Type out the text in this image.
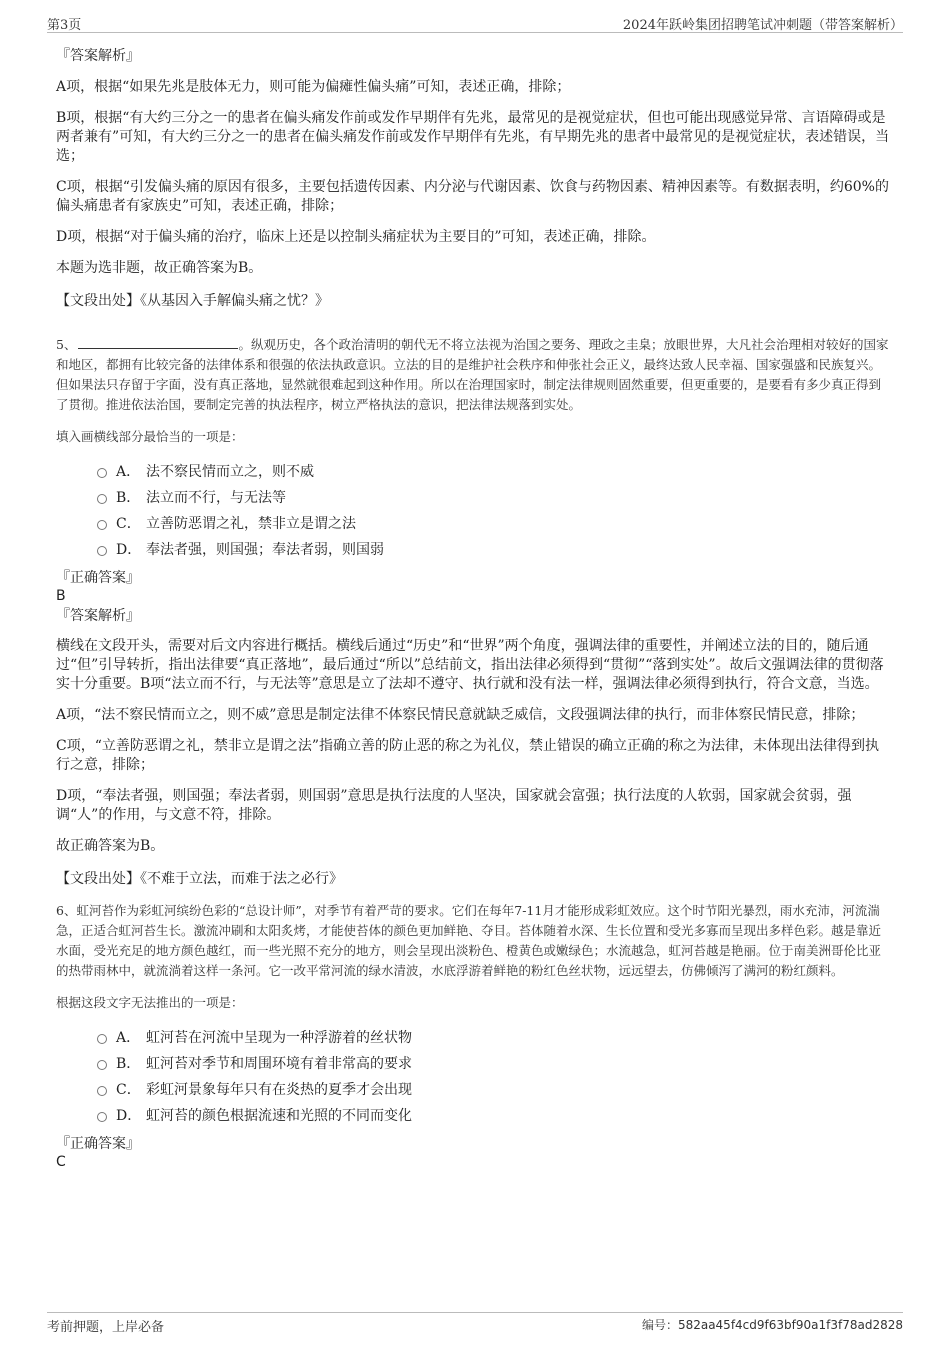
第3页	2024年跃岭集团招聘笔试冲刺题（带答案解析）

『答案解析』

A项，根据“如果先兆是肢体无力，则可能为偏瘫性偏头痛”可知，表述正确，排除；

B项，根据“有大约三分之一的患者在偏头痛发作前或发作早期伴有先兆，最常见的是视觉症状，但也可能出现感觉异常、言语障碍或是两者兼有”可知，有大约三分之一的患者在偏头痛发作前或发作早期伴有先兆，有早期先兆的患者中最常见的是视觉症状，表述错误，当选；

C项，根据“引发偏头痛的原因有很多，主要包括遗传因素、内分泌与代谢因素、饮食与药物因素、精神因素等。有数据表明，约60%的偏头痛患者有家族史”可知，表述正确，排除；

D项，根据“对于偏头痛的治疗，临床上还是以控制头痛症状为主要目的”可知，表述正确，排除。

本题为选非题，故正确答案为B。

【文段出处】《从基因入手解偏头痛之忧？》

5、	。纵观历史，各个政治清明的朝代无不将立法视为治国之要务、理政之圭臬；放眼世界，大凡社会治理相对较好的国家和地区，都拥有比较完备的法律体系和很强的依法执政意识。立法的目的是维护社会秩序和伸张社会正义，最终达致人民幸福、国家强盛和民族复兴。但如果法只存留于字面，没有真正落地，显然就很难起到这种作用。所以在治理国家时，制定法律规则固然重要，但更重要的，是要看有多少真正得到了贯彻。推进依法治国，要制定完善的执法程序，树立严格执法的意识，把法律法规落到实处。

填入画横线部分最恰当的一项是：

A． 法不察民情而立之，则不威
B． 法立而不行，与无法等
C． 立善防恶谓之礼，禁非立是谓之法
D． 奉法者强，则国强；奉法者弱，则国弱

『正确答案』

B

『答案解析』

横线在文段开头，需要对后文内容进行概括。横线后通过“历史”和“世界”两个角度，强调法律的重要性，并阐述立法的目的，随后通过“但”引导转折，指出法律要“真正落地”，最后通过“所以”总结前文，指出法律必须得到“贯彻”“落到实处”。故后文强调法律的贯彻落实十分重要。B项“法立而不行，与无法等”意思是立了法却不遵守、执行就和没有法一样，强调法律必须得到执行，符合文意，当选。

A项，“法不察民情而立之，则不威”意思是制定法律不体察民情民意就缺乏威信，文段强调法律的执行，而非体察民情民意，排除；

C项，“立善防恶谓之礼，禁非立是谓之法”指确立善的防止恶的称之为礼仪，禁止错误的确立正确的称之为法律，未体现出法律得到执行之意，排除；

D项，“奉法者强，则国强；奉法者弱，则国弱”意思是执行法度的人坚决，国家就会富强；执行法度的人软弱，国家就会贫弱，强调“人”的作用，与文意不符，排除。

故正确答案为B。

【文段出处】《不难于立法，而难于法之必行》

6、虹河苔作为彩虹河缤纷色彩的“总设计师”，对季节有着严苛的要求。它们在每年7-11月才能形成彩虹效应。这个时节阳光暴烈，雨水充沛，河流湍急，正适合虹河苔生长。激流冲刷和太阳炙烤，才能使苔体的颜色更加鲜艳、夺目。苔体随着水深、生长位置和受光多寡而呈现出多样色彩。越是靠近水面，受光充足的地方颜色越红，而一些光照不充分的地方，则会呈现出淡粉色、橙黄色或嫩绿色；水流越急，虹河苔越是艳丽。位于南美洲哥伦比亚的热带雨林中，就流淌着这样一条河。它一改平常河流的绿水清波，水底浮游着鲜艳的粉红色丝状物，远远望去，仿佛倾泻了满河的粉红颜料。

根据这段文字无法推出的一项是：

A． 虹河苔在河流中呈现为一种浮游着的丝状物
B． 虹河苔对季节和周围环境有着非常高的要求
C． 彩虹河景象每年只有在炎热的夏季才会出现
D． 虹河苔的颜色根据流速和光照的不同而变化

『正确答案』

C

考前押题，上岸必备	编号：582aa45f4cd9f63bf90a1f3f78ad2828
